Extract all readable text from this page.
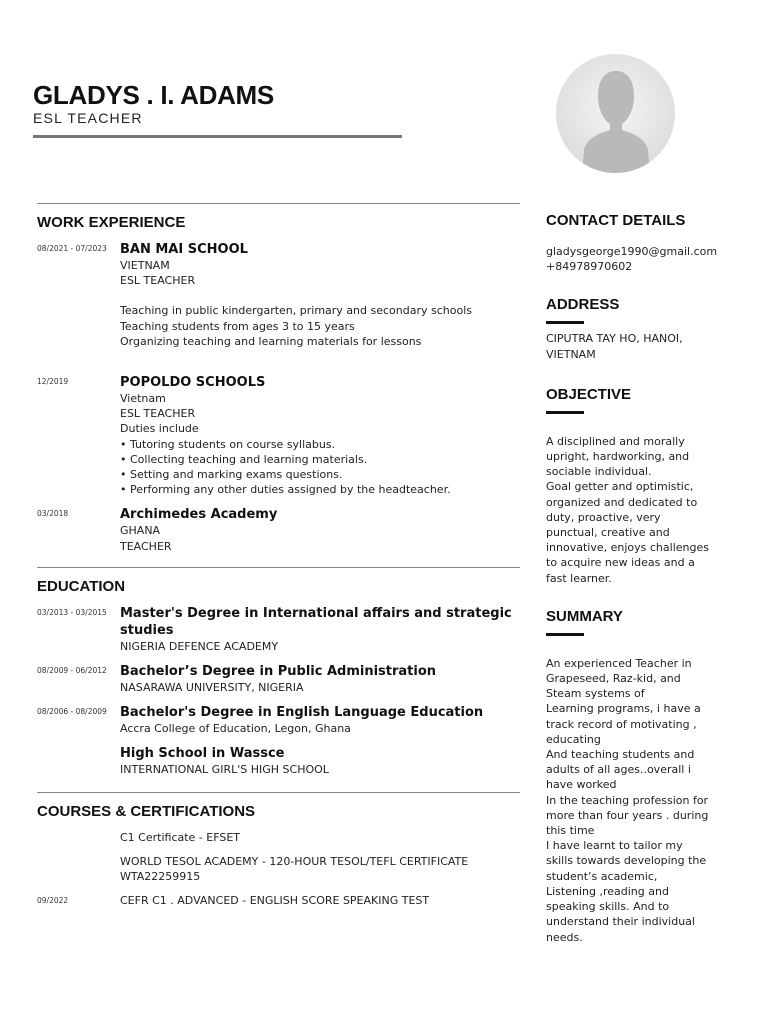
GLADYS . I. ADAMS
ESL TEACHER
WORK EXPERIENCE
08/2021 - 07/2023	BAN MAI SCHOOL
VIETNAM
ESL TEACHER
Teaching in public kindergarten, primary and secondary schools
Teaching students from ages 3 to 15 years
Organizing teaching and learning materials for lessons
12/2019	POPOLDO SCHOOLS
Vietnam
ESL TEACHER
Duties include
• Tutoring students on course syllabus.
• Collecting teaching and learning materials.
• Setting and marking exams questions.
• Performing any other duties assigned by the headteacher.
03/2018	Archimedes Academy
GHANA
TEACHER
EDUCATION
03/2013 - 03/2015	Master's Degree in International affairs and strategic studies
NIGERIA DEFENCE ACADEMY
08/2009 - 06/2012	Bachelor’s Degree in Public Administration
NASARAWA UNIVERSITY, NIGERIA
08/2006 - 08/2009	Bachelor's Degree in English Language Education
Accra College of Education, Legon, Ghana
High School in Wassce
INTERNATIONAL GIRL'S HIGH SCHOOL
COURSES & CERTIFICATIONS
C1 Certificate - EFSET
WORLD TESOL ACADEMY - 120-HOUR TESOL/TEFL CERTIFICATE
WTA22259915
09/2022	CEFR C1 . ADVANCED - ENGLISH SCORE SPEAKING TEST
CONTACT DETAILS
gladysgeorge1990@gmail.com
+84978970602
ADDRESS
CIPUTRA TAY HO, HANOI,
VIETNAM
OBJECTIVE
A disciplined and morally
upright, hardworking, and
sociable individual.
Goal getter and optimistic,
organized and dedicated to
duty, proactive, very
punctual, creative and
innovative, enjoys challenges
to acquire new ideas and a
fast learner.
SUMMARY
An experienced Teacher in
Grapeseed, Raz-kid, and
Steam systems of
Learning programs, i have a
track record of motivating ,
educating
And teaching students and
adults of all ages..overall i
have worked
In the teaching profession for
more than four years . during
this time
I have learnt to tailor my
skills towards developing the
student’s academic,
Listening ,reading and
speaking skills. And to
understand their individual
needs.
